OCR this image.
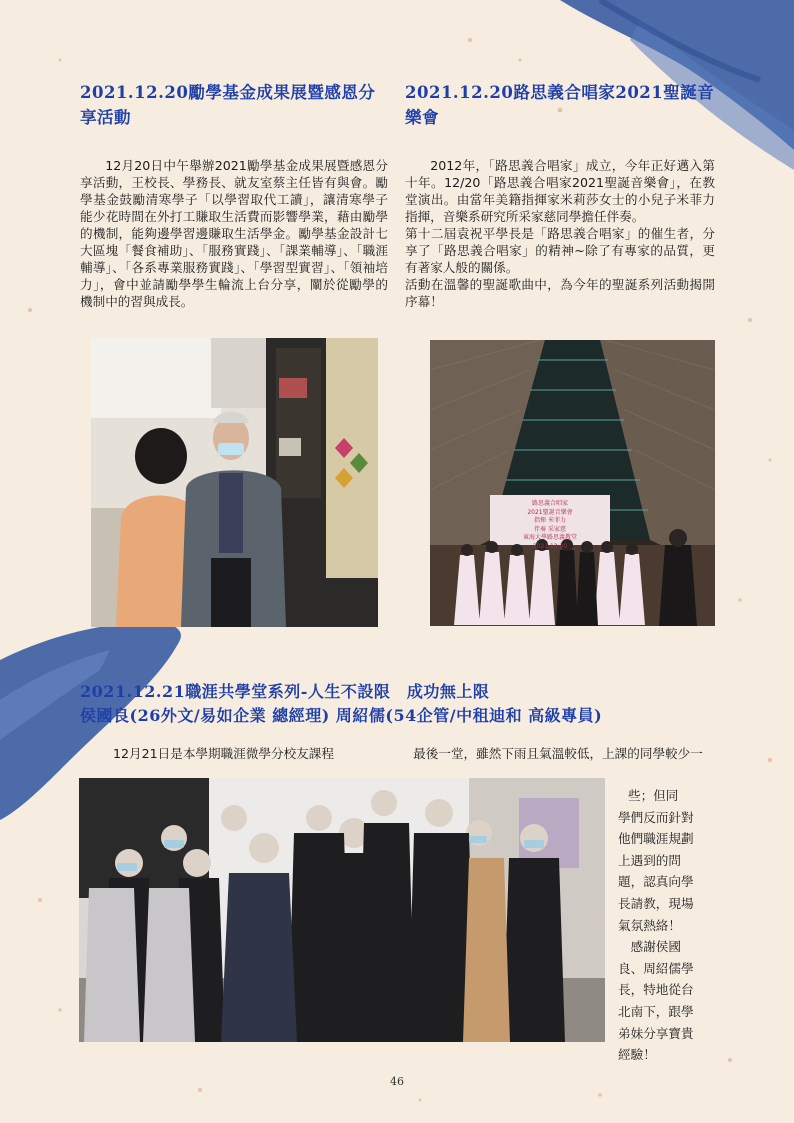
2021.12.20勵學基金成果展暨感恩分享活動
12月20日中午舉辦2021勵學基金成果展暨感恩分享活動，王校長、學務長、就友室蔡主任皆有與會。勵學基金鼓勵清寒學子「以學習取代工讀」，讓清寒學子能少花時間在外打工賺取生活費而影響學業，藉由勵學的機制，能夠邊學習邊賺取生活學金。勵學基金設計七大區塊「餐食補助」、「服務實踐」、「課業輔導」、「職涯輔導」、「各系專業服務實踐」、「學習型實習」、「領袖培力」，會中並請勵學學生輪流上台分享，闡於從勵學的機制中的習與成長。
2021.12.20路思義合唱家2021聖誕音樂會

2012年，「路思義合唱家」成立，今年正好邁入第十年。12/20「路思義合唱家2021聖誕音樂會」，在教堂演出。由當年美籍指揮家米莉莎女士的小兒子米菲力指揮，音樂系研究所采家慈同學擔任伴奏。

第十二屆袁祝平學長是「路思義合唱家」的催生者，分享了「路思義合唱家」的精神~除了有專家的品質，更有著家人般的關係。

活動在溫馨的聖誕歌曲中，為今年的聖誕系列活動揭開序幕！

路思義合唱家
2021聖誕音樂會
指揮 米菲力
伴奏 采家慈
東海大學路思義教堂
2021.12.20
2021.12.21職涯共學堂系列-人生不設限　成功無上限
侯國良(26外文/易如企業 總經理) 周紹儒(54企管/中租迪和 高級專員)
12月21日是本學期職涯微學分校友課程	最後一堂，雖然下雨且氣溫較低，上課的同學較少一
些；但同
學們反而針對
他們職涯規劃
上遇到的問
題，認真向學
長請教，現場
氣氛熱絡！
　感謝侯國
良、周紹儒學
長，特地從台
北南下，跟學
弟妹分享寶貴
經驗！
46
